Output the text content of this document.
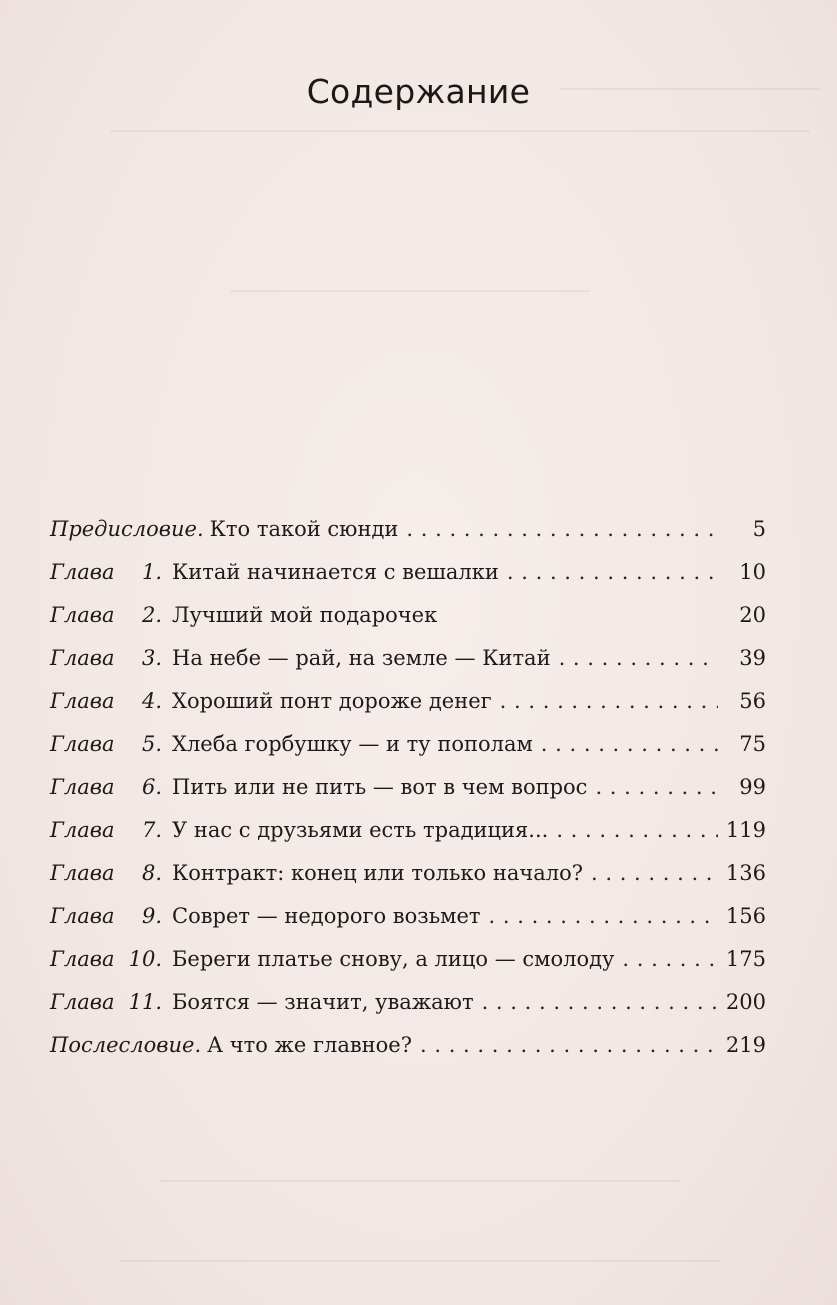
Содержание
Предисловие. Кто такой сюнди . . .	5
Глава 1. Китай начинается с вешалки . . .	10
Глава 2. Лучший мой подарочек	20
Глава 3. На небе — рай, на земле — Китай . . .	39
Глава 4. Хороший понт дороже денег . . .	56
Глава 5. Хлеба горбушку — и ту пополам . . .	75
Глава 6. Пить или не пить — вот в чем вопрос . . .	99
Глава 7. У нас с друзьями есть традиция... . . .	119
Глава 8. Контракт: конец или только начало? . . .	136
Глава 9. Соврет — недорого возьмет . . .	156
Глава 10. Береги платье снову, а лицо — смолоду . . .	175
Глава 11. Боятся — значит, уважают . . .	200
Послесловие. А что же главное? . . .	219
